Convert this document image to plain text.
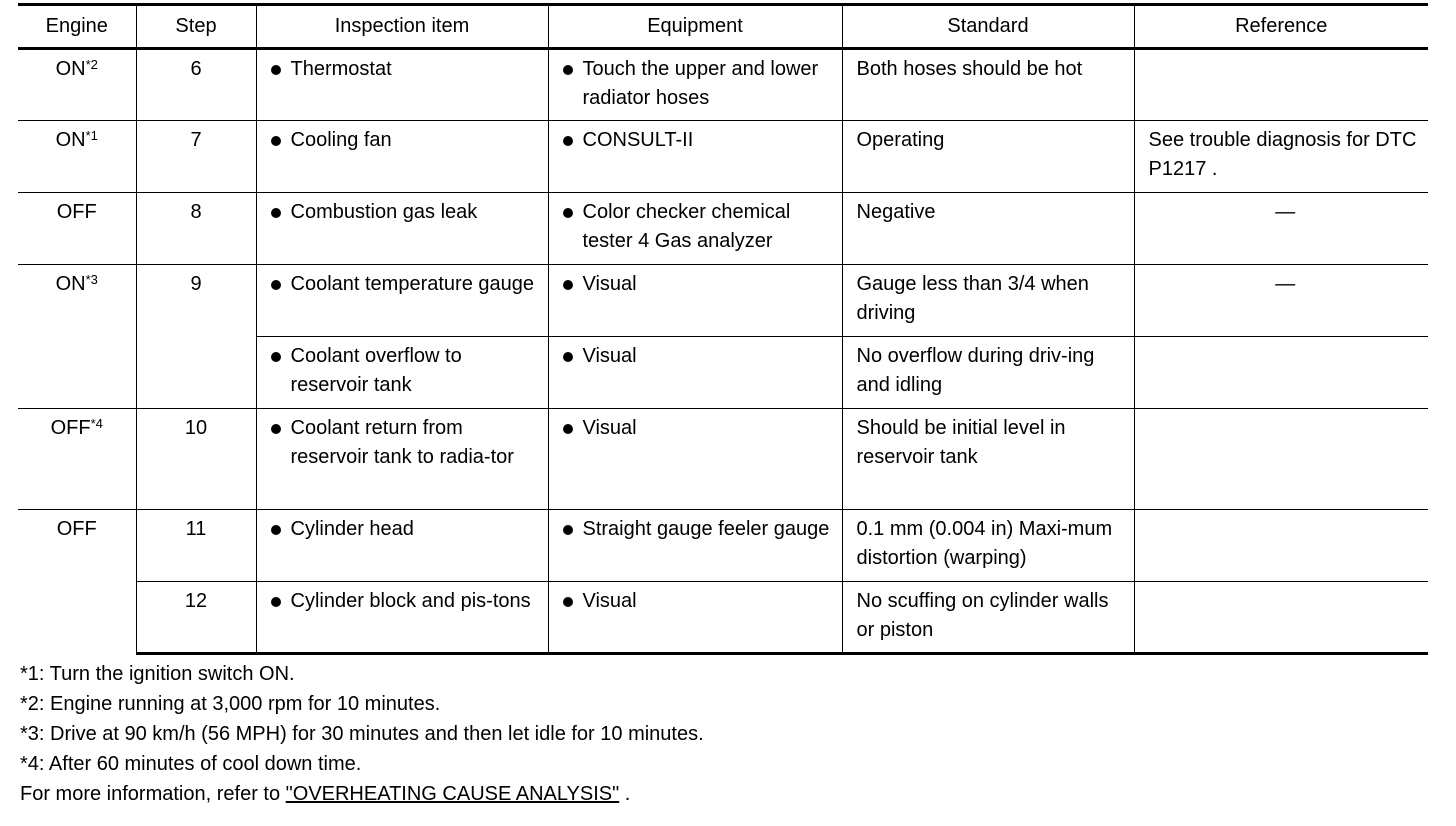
Engine	Step	Inspection item	Equipment	Standard	Reference
ON$^{*2}$	6	Thermostat	Touch the upper and lower radiator hoses	Both hoses should be hot	
ON$^{*1}$	7	Cooling fan	CONSULT-II	Operating	See trouble diagnosis for DTC P1217 .
OFF	8	Combustion gas leak	Color checker chemical tester 4 Gas analyzer	Negative	—
ON$^{*3}$	9	Coolant temperature gauge	Visual	Gauge less than 3/4 when driving	—

		Coolant overflow to reservoir tank	Visual	No overflow during driv-ing and idling	
OFF$^{*4}$	10	Coolant return from reservoir tank to radia-tor	Visual	Should be initial level in reservoir tank	
OFF	11	Cylinder head	Straight gauge feeler gauge	0.1 mm (0.004 in) Maxi-mum distortion (warping)	
	12	Cylinder block and pis-tons	Visual	No scuffing on cylinder walls or piston	
*1: Turn the ignition switch ON.
*2: Engine running at 3,000 rpm for 10 minutes.
*3: Drive at 90 km/h (56 MPH) for 30 minutes and then let idle for 10 minutes.
*4: After 60 minutes of cool down time.
For more information, refer to "OVERHEATING CAUSE ANALYSIS" .
